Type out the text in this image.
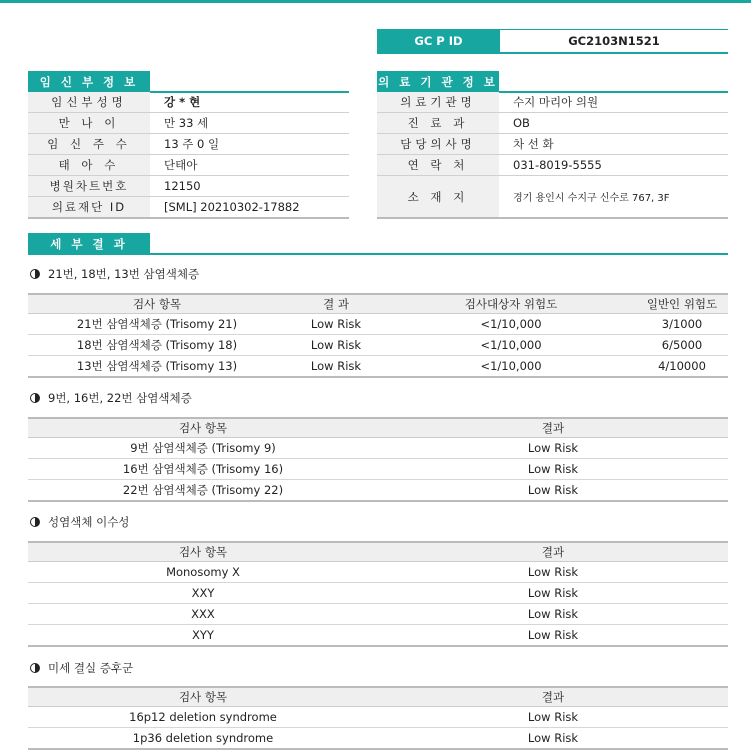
GC P ID	GC2103N1521
임 신 부 정 보
임신부성명	강 * 현
만 나 이	만 33 세
임 신 주 수	13 주 0 일
태 아 수	단태아
병원차트번호	12150
의료재단 ID	[SML] 20210302-17882
의 료 기 관 정 보
의료기관명	수지 마리아 의원
진 료 과	OB
담당의사명	차 선 화
연 락 처	031-8019-5555
소 재 지	경기 용인시 수지구 신수로 767, 3F
세 부 결 과
21번, 18번, 13번 삼염색체증
검사 항목	결 과	검사대상자 위험도	일반인 위험도
21번 삼염색체증 (Trisomy 21)	Low Risk	<1/10,000	3/1000
18번 삼염색체증 (Trisomy 18)	Low Risk	<1/10,000	6/5000
13번 삼염색체증 (Trisomy 13)	Low Risk	<1/10,000	4/10000
9번, 16번, 22번 삼염색체증
검사 항목	결과
9번 삼염색체증 (Trisomy 9)	Low Risk
16번 삼염색체증 (Trisomy 16)	Low Risk
22번 삼염색체증 (Trisomy 22)	Low Risk
성염색체 이수성
검사 항목	결과
Monosomy X	Low Risk
XXY	Low Risk
XXX	Low Risk
XYY	Low Risk
미세 결실 증후군
검사 항목	결과
16p12 deletion syndrome	Low Risk
1p36 deletion syndrome	Low Risk
